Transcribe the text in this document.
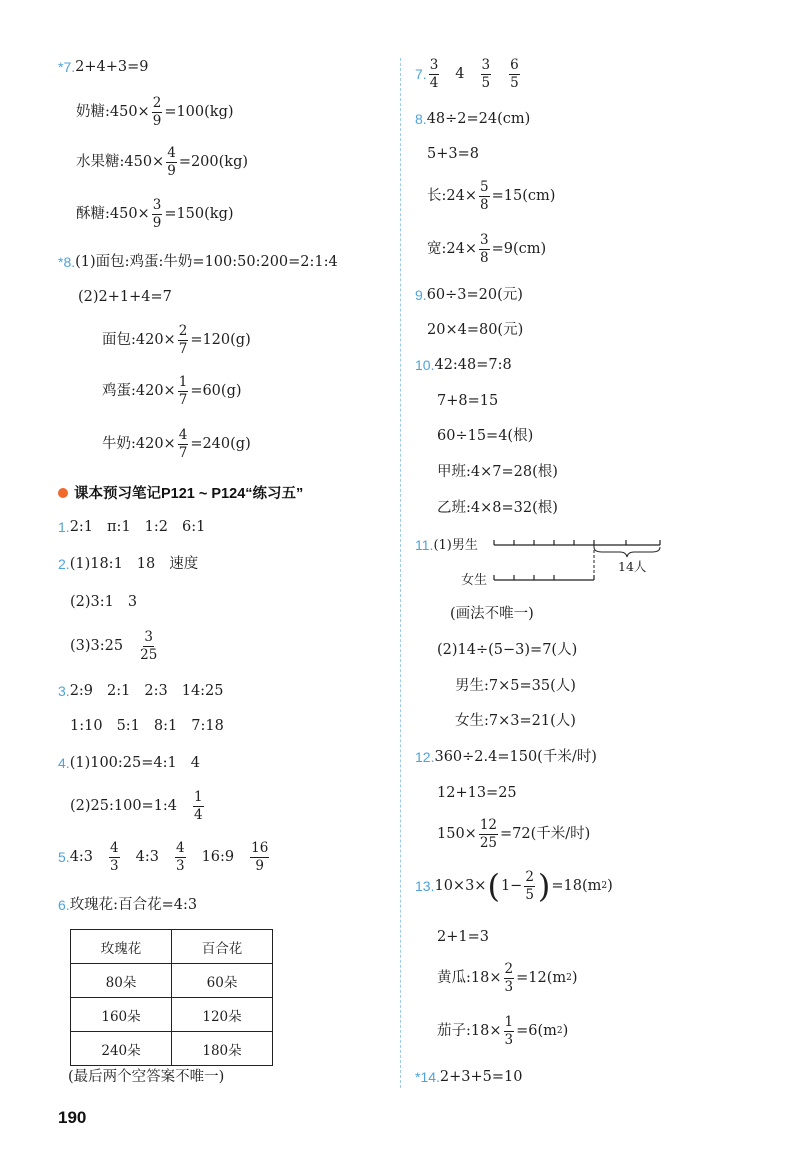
*7. 2+4+3=9
奶糖:450× $\frac{2}{9} =100(kg)$
水果糖:450× $\frac{4}{9} =200(kg)$
酥糖:450× $\frac{3}{9} =150(kg)$
*8. (1)面包:鸡蛋:牛奶=100:50:200=2:1:4
(2)2+1+4=7
面包:420× $\frac{2}{7} =120(g)$
鸡蛋:420× $\frac{1}{7} =60(g)$
牛奶:420× $\frac{4}{7} =240(g)$
课本预习笔记P121 ~ P124“练习五”
1. 2:1 π:1 1:2 6:1
2. (1)18:1 18 速度
(2)3:1 3
(3)3:25 $\frac{3}{25}$
3. 2:9 2:1 2:3 14:25
1:10 5:1 8:1 7:18
4. (1)100:25=4:1 4
(2)25:100=1:4 $\frac{1}{4}$
5. 4:3 $\frac{4}{3}$ 4:3 $\frac{4}{3}$ 16:9 $\frac{16}{9}$
6. 玫瑰花:百合花=4:3
玫瑰花	百合花
80朵	60朵
160朵	120朵
240朵	180朵
(最后两个空答案不唯一)
190
7. $\frac{3}{4} 4 \frac{3}{5} \frac{6}{5}$
8. 48÷2=24(cm)
5+3=8
长:24× $\frac{5}{8} =15(cm)$
宽:24× $\frac{3}{8} =9(cm)$
9. 60÷3=20(元)
20×4=80(元)
10. 42:48=7:8
7+8=15
60÷15=4(根)
甲班:4×7=28(根)
乙班:4×8=32(根)
11. (1)男生
14人
女生
(画法不唯一)
(2)14÷(5−3)=7(人)
男生:7×5=35(人)
女生:7×3=21(人)
12. 360÷2.4=150(千米/时)
12+13=25
$150\times \frac{12}{25} =72$(千米/时)
13. 10×3× ( $1- \frac{2}{5}$ ) =18(m 2 )
2+1=3
黄瓜:18× $\frac{2}{3} =12(m$ 2 )
茄子:18× $\frac{1}{3} =6(m$ 2 )
*14. 2+3+5=10
